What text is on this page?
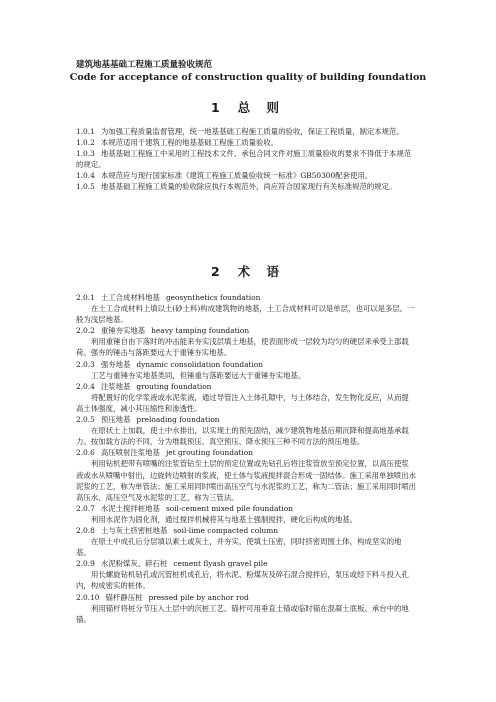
建筑地基基础工程施工质量验收规范
Code for acceptance of construction quality of building foundation
1 总 则

1.0.1 为加强工程质量监督管理，统一地基基础工程施工质量的验收，保证工程质量，制定本规范。

1.0.2 本规范适用于建筑工程的地基基础工程施工质量验收。

1.0.3 地基基础工程施工中采用的工程技术文件、承包合同文件对施工质量验收的要求不得低于本规范的规定。

1.0.4 本规范应与现行国家标准《建筑工程施工质量验收统一标准》GB50300配套使用。

1.0.5 地基基础工程施工质量的验收除应执行本规范外，尚应符合国家现行有关标准规范的规定。

2 术 语

2.0.1 土工合成材料地基 geosynthetics foundation

在土工合成材料上填以土(砂土料)构成建筑物的地基，土工合成材料可以是单层，也可以是多层。一般为浅层地基。

2.0.2 重锤夯实地基 heavy tamping foundation

利用重锤自由下落时的冲击能来夯实浅层填土地基，使表面形成一层较为均匀的硬层来承受上部载荷。强夯的锤击与落距要远大于重锤夯实地基。

2.0.3 强夯地基 dynamic consolidation foundation

工艺与重锤夯实地基类同，但锤重与落距要远大于重锤夯实地基。

2.0.4 注浆地基 grouting foundation

将配置好的化学浆液或水泥浆液，通过导管注入土体孔隙中，与土体结合，发生物化反应，从而提高土体强度，减小其压缩性和渗透性。

2.0.5 预压地基 preloading foundation

在原状土上加载，使土中水排出，以实现土的预先固结，减少建筑物地基后期沉降和提高地基承载力。按加载方法的不同，分为堆载预压、真空预压、降水预压三种不同方法的预压地基。

2.0.6 高压喷射注浆地基 jet grouting foundation

利用钻机把带有喷嘴的注浆管钻至土层的预定位置或先钻孔后将注浆管放至预定位置，以高压使浆液或水从喷嘴中射出，边旋转边喷射的浆液，使土体与浆液搅拌混合形成一固结体。施工采用单独喷出水泥浆的工艺，称为单管法；施工采用同时喷出高压空气与水泥浆的工艺，称为二管法；施工采用同时喷出高压水、高压空气及水泥浆的工艺，称为三管法。

2.0.7 水泥土搅拌桩地基 soil-cement mixed pile foundation

利用水泥作为固化剂，通过搅拌机械将其与地基土强制搅拌，硬化后构成的地基。

2.0.8 土与灰土挤密桩地基 soil-lime compacted column

在原土中成孔后分层填以素土或灰土，并夯实，使填土压密，同时挤密周围土体，构成坚实的地基。

2.0.9 水泥粉煤灰、碎石桩 cement flyash gravel pile

用长螺旋钻机钻孔或沉管桩机成孔后，将水泥、粉煤灰及碎石混合搅拌后，泵压或经下料斗投入孔内，构成密实的桩体。

2.0.10 锚杆静压桩 pressed pile by anchor rod

利用锚杆将桩分节压入土层中的沉桩工艺。锚杆可用垂直土锚或临时锚在混凝土底板、承台中的地锚。
